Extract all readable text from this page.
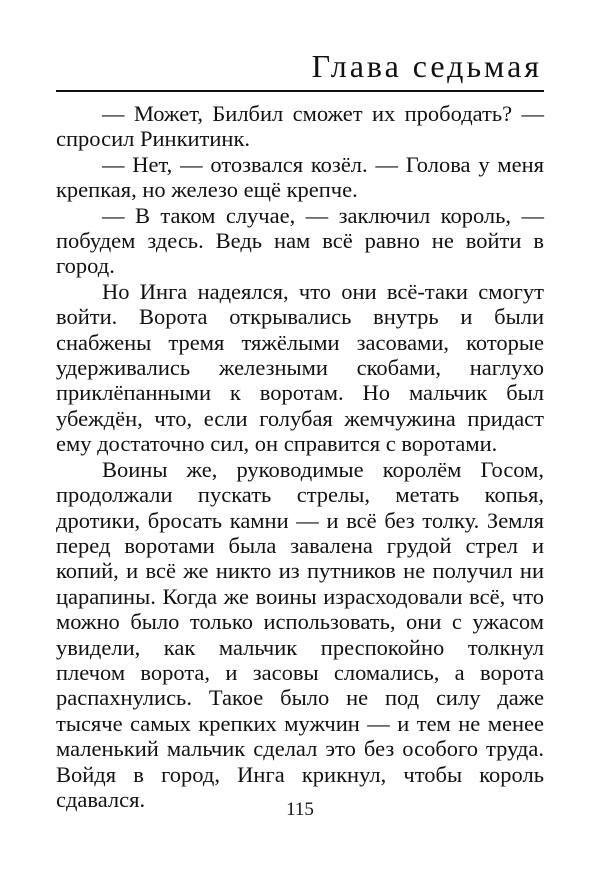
Глава седьмая

— Может, Билбил сможет их прободать? — спросил Ринкитинк.

— Нет, — отозвался козёл. — Голова у меня крепкая, но железо ещё крепче.

— В таком случае, — заключил король, — побудем здесь. Ведь нам всё равно не войти в город.

Но Инга надеялся, что они всё-таки смогут войти. Ворота открывались внутрь и были снабжены тремя тяжёлыми засовами, которые удерживались железными скобами, наглухо приклёпанными к воротам. Но мальчик был убеждён, что, если голубая жемчужина придаст ему достаточно сил, он справится с воротами.

Воины же, руководимые королём Госом, продолжали пускать стрелы, метать копья, дротики, бросать камни — и всё без толку. Земля перед воротами была завалена грудой стрел и копий, и всё же никто из путников не получил ни царапины. Когда же воины израсходовали всё, что можно было только использовать, они с ужасом увидели, как мальчик преспокойно толкнул плечом ворота, и засовы сломались, а ворота распахнулись. Такое было не под силу даже тысяче самых крепких мужчин — и тем не менее маленький мальчик сделал это без особого труда. Войдя в город, Инга крикнул, чтобы король сдавался.	115
